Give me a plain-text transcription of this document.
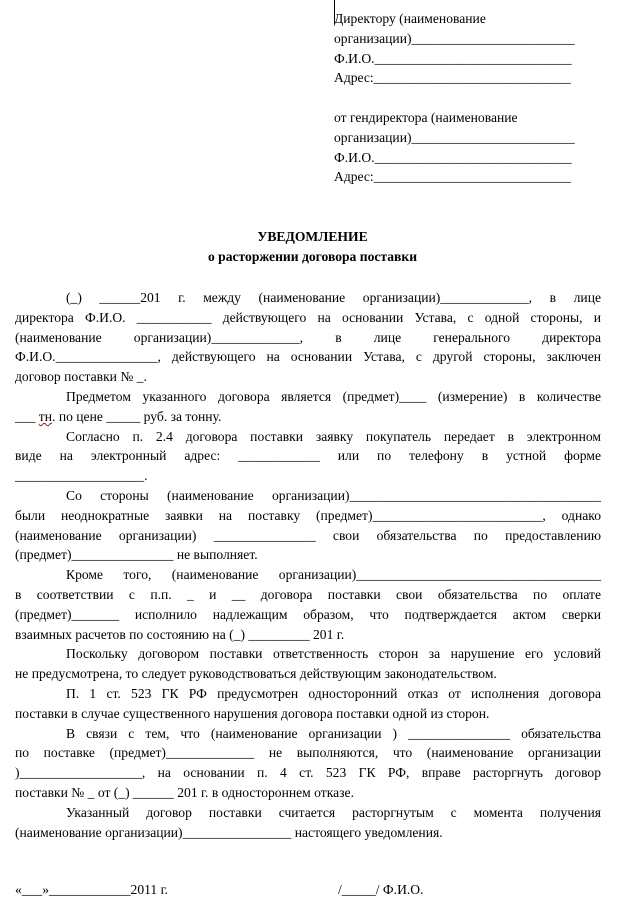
Директору (наименование
организации)________________________
Ф.И.О._____________________________
Адрес:_____________________________
от гендиректора (наименование
организации)________________________
Ф.И.О._____________________________
Адрес:_____________________________
УВЕДОМЛЕНИЕ
о расторжении договора поставки

(_) ______201 г. между (наименование организации)_____________, в лице

директора Ф.И.О. ___________ действующего на основании Устава, с одной стороны, и

(наименование организации)_____________, в лице генерального директора

Ф.И.О._______________, действующего на основании Устава, с другой стороны, заключен

договор поставки № _.

Предметом указанного договора является (предмет)____ (измерение) в количестве

___ тн. по цене _____ руб. за тонну.

Согласно п. 2.4 договора поставки заявку покупатель передает в электронном

виде на электронный адрес: ____________ или по телефону в устной форме

___________________.

Со стороны (наименование организации)_____________________________________

были неоднократные заявки на поставку (предмет)_________________________, однако

(наименование организации) _______________ свои обязательства по предоставлению

(предмет)_______________ не выполняет.

Кроме того, (наименование организации)____________________________________

в соответствии с п.п. _ и __ договора поставки свои обязательства по оплате

(предмет)_______ исполнило надлежащим образом, что подтверждается актом сверки

взаимных расчетов по состоянию на (_) _________ 201 г.

Поскольку договором поставки ответственность сторон за нарушение его условий

не предусмотрена, то следует руководствоваться действующим законодательством.

П. 1 ст. 523 ГК РФ предусмотрен односторонний отказ от исполнения договора

поставки в случае существенного нарушения договора поставки одной из сторон.

В связи с тем, что (наименование организации ) _______________ обязательства

по поставке (предмет)_____________ не выполняются, что (наименование организации

)__________________, на основании п. 4 ст. 523 ГК РФ, вправе расторгнуть договор

поставки № _ от (_) ______ 201 г. в одностороннем отказе.

Указанный договор поставки считается расторгнутым с момента получения

(наименование организации)________________ настоящего уведомления.

«___»____________2011 г.	/_____/ Ф.И.О.
